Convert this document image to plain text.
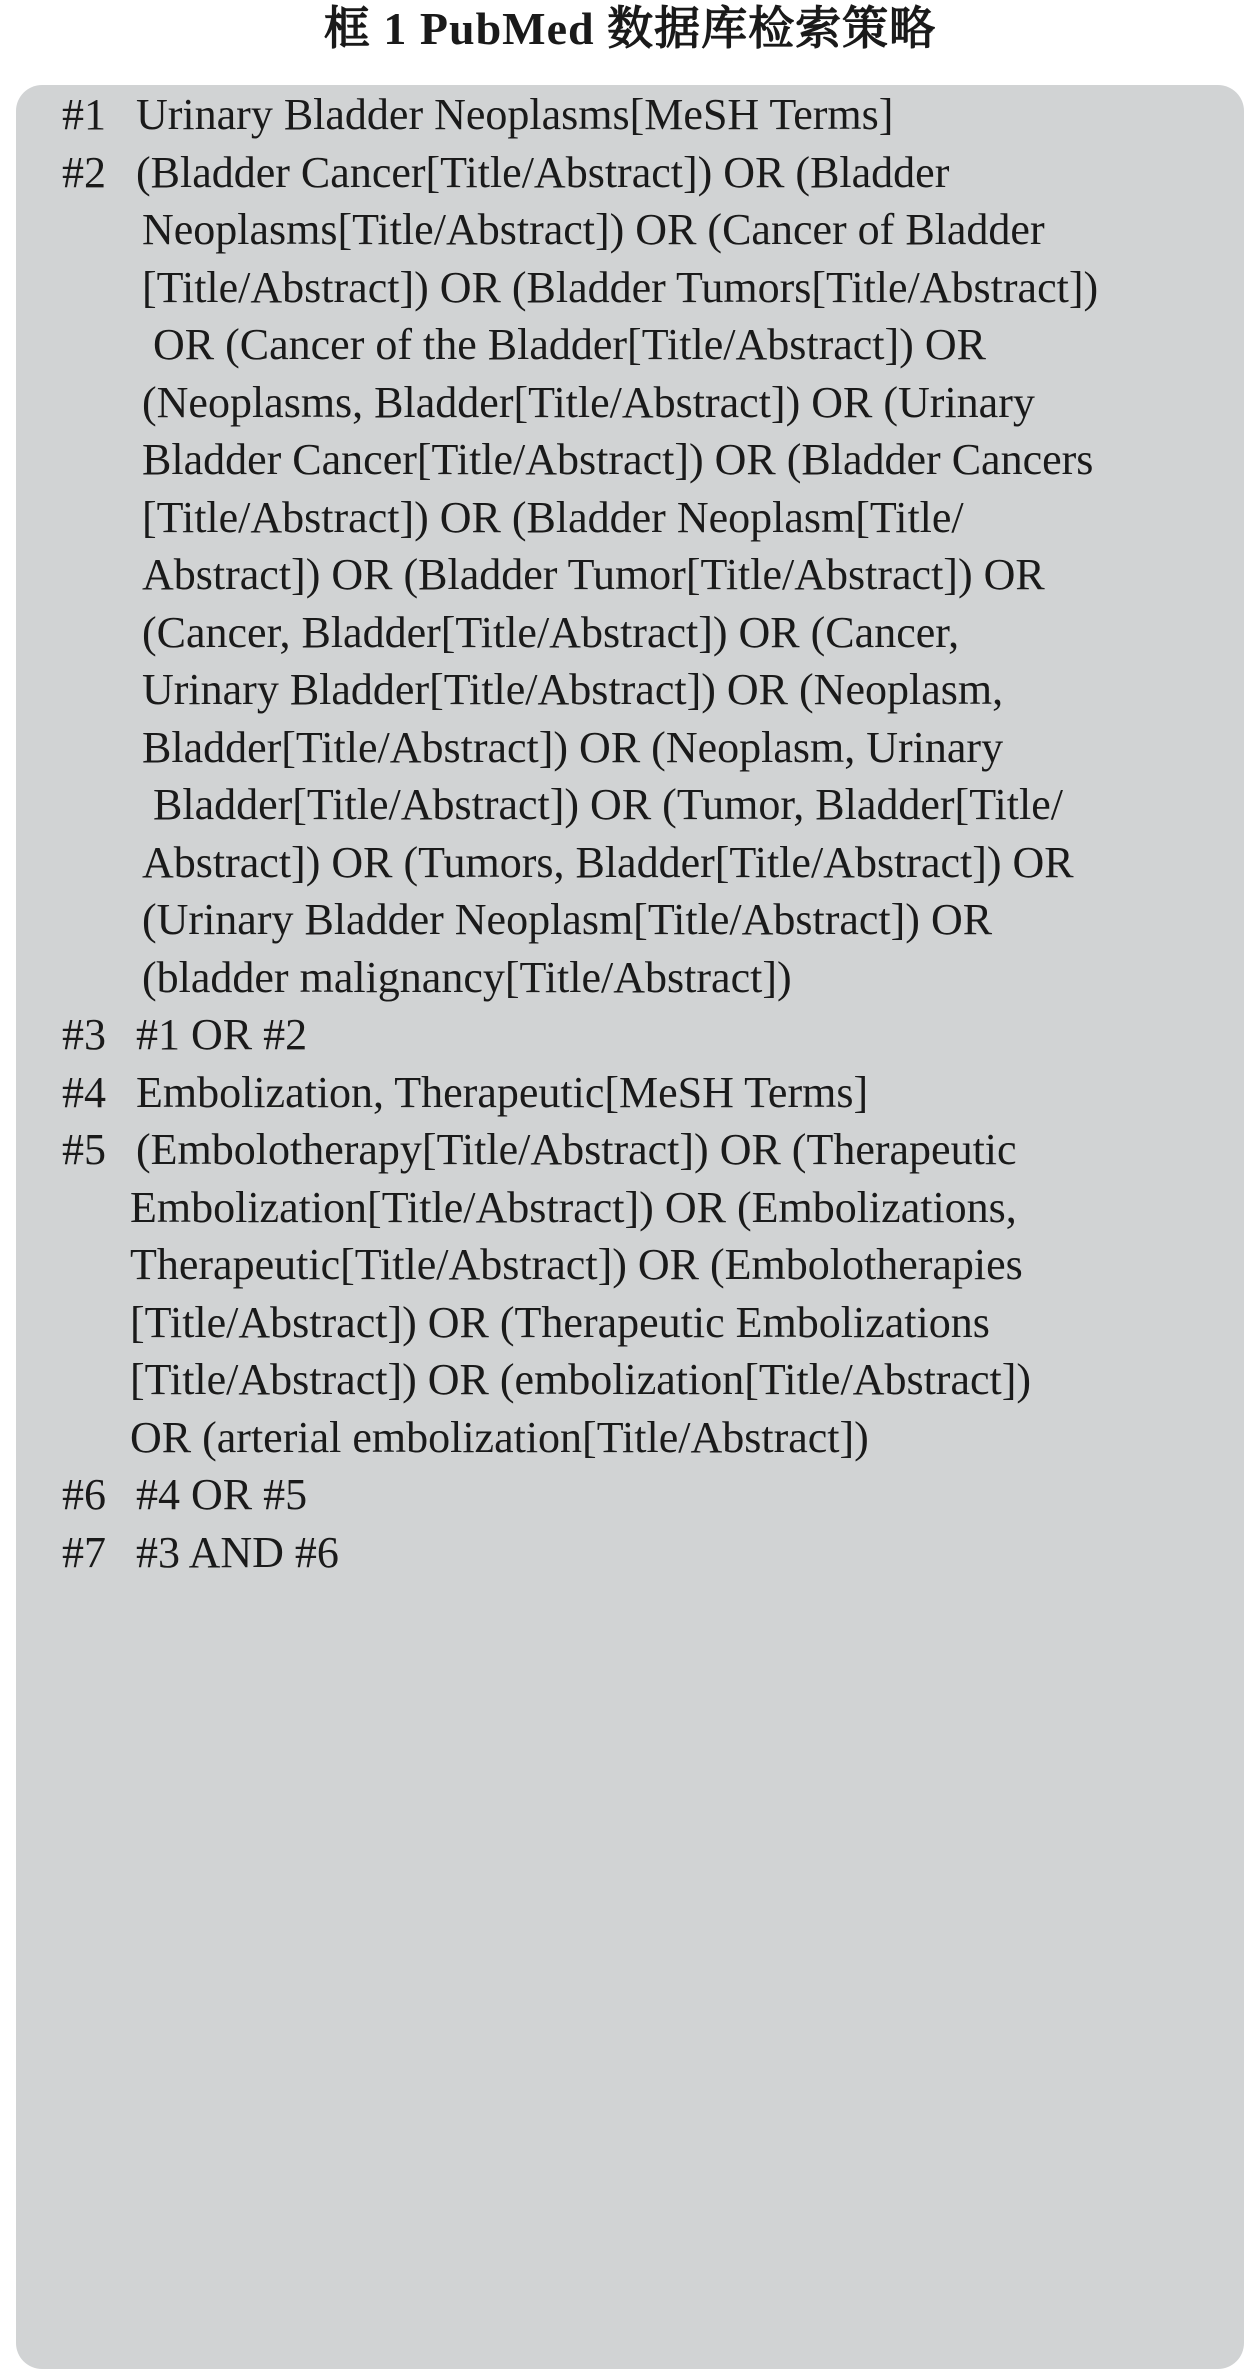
框 1 PubMed 数据库检索策略
#1 Urinary Bladder Neoplasms[MeSH Terms]
#2 (Bladder Cancer[Title/Abstract]) OR (Bladder
Neoplasms[Title/Abstract]) OR (Cancer of Bladder
[Title/Abstract]) OR (Bladder Tumors[Title/Abstract])
OR (Cancer of the Bladder[Title/Abstract]) OR
(Neoplasms, Bladder[Title/Abstract]) OR (Urinary
Bladder Cancer[Title/Abstract]) OR (Bladder Cancers
[Title/Abstract]) OR (Bladder Neoplasm[Title/
Abstract]) OR (Bladder Tumor[Title/Abstract]) OR
(Cancer, Bladder[Title/Abstract]) OR (Cancer,
Urinary Bladder[Title/Abstract]) OR (Neoplasm,
Bladder[Title/Abstract]) OR (Neoplasm, Urinary
Bladder[Title/Abstract]) OR (Tumor, Bladder[Title/
Abstract]) OR (Tumors, Bladder[Title/Abstract]) OR
(Urinary Bladder Neoplasm[Title/Abstract]) OR
(bladder malignancy[Title/Abstract])
#3 #1 OR #2
#4 Embolization, Therapeutic[MeSH Terms]
#5 (Embolotherapy[Title/Abstract]) OR (Therapeutic
Embolization[Title/Abstract]) OR (Embolizations,
Therapeutic[Title/Abstract]) OR (Embolotherapies
[Title/Abstract]) OR (Therapeutic Embolizations
[Title/Abstract]) OR (embolization[Title/Abstract])
OR (arterial embolization[Title/Abstract])
#6 #4 OR #5
#7 #3 AND #6
